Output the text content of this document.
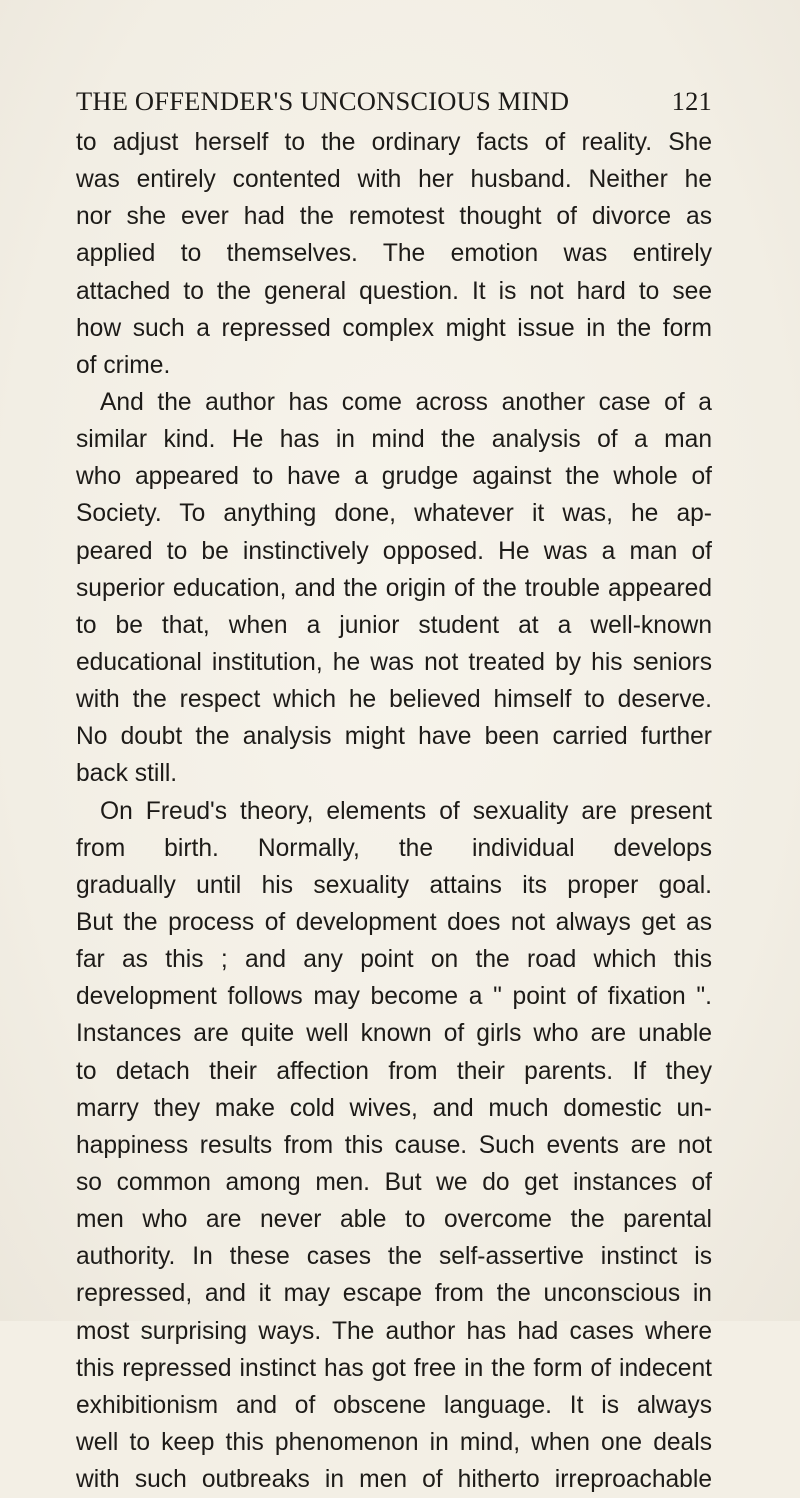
THE OFFENDER'S UNCONSCIOUS MIND	121
to adjust herself to the ordinary facts of reality. She
was entirely contented with her husband. Neither he
nor she ever had the remotest thought of divorce as
applied to themselves. The emotion was entirely
attached to the general question. It is not hard to see
how such a repressed complex might issue in the form
of crime.
And the author has come across another case of a
similar kind. He has in mind the analysis of a man
who appeared to have a grudge against the whole of
Society. To anything done, whatever it was, he ap-
peared to be instinctively opposed. He was a man of
superior education, and the origin of the trouble appeared
to be that, when a junior student at a well-known
educational institution, he was not treated by his seniors
with the respect which he believed himself to deserve.
No doubt the analysis might have been carried further
back still.
On Freud's theory, elements of sexuality are present
from birth. Normally, the individual develops
gradually until his sexuality attains its proper goal.
But the process of development does not always get as
far as this ; and any point on the road which this
development follows may become a " point of fixation ".
Instances are quite well known of girls who are unable
to detach their affection from their parents. If they
marry they make cold wives, and much domestic un-
happiness results from this cause. Such events are not
so common among men. But we do get instances of
men who are never able to overcome the parental
authority. In these cases the self-assertive instinct is
repressed, and it may escape from the unconscious in
most surprising ways. The author has had cases where
this repressed instinct has got free in the form of indecent
exhibitionism and of obscene language. It is always
well to keep this phenomenon in mind, when one deals
with such outbreaks in men of hitherto irreproachable
